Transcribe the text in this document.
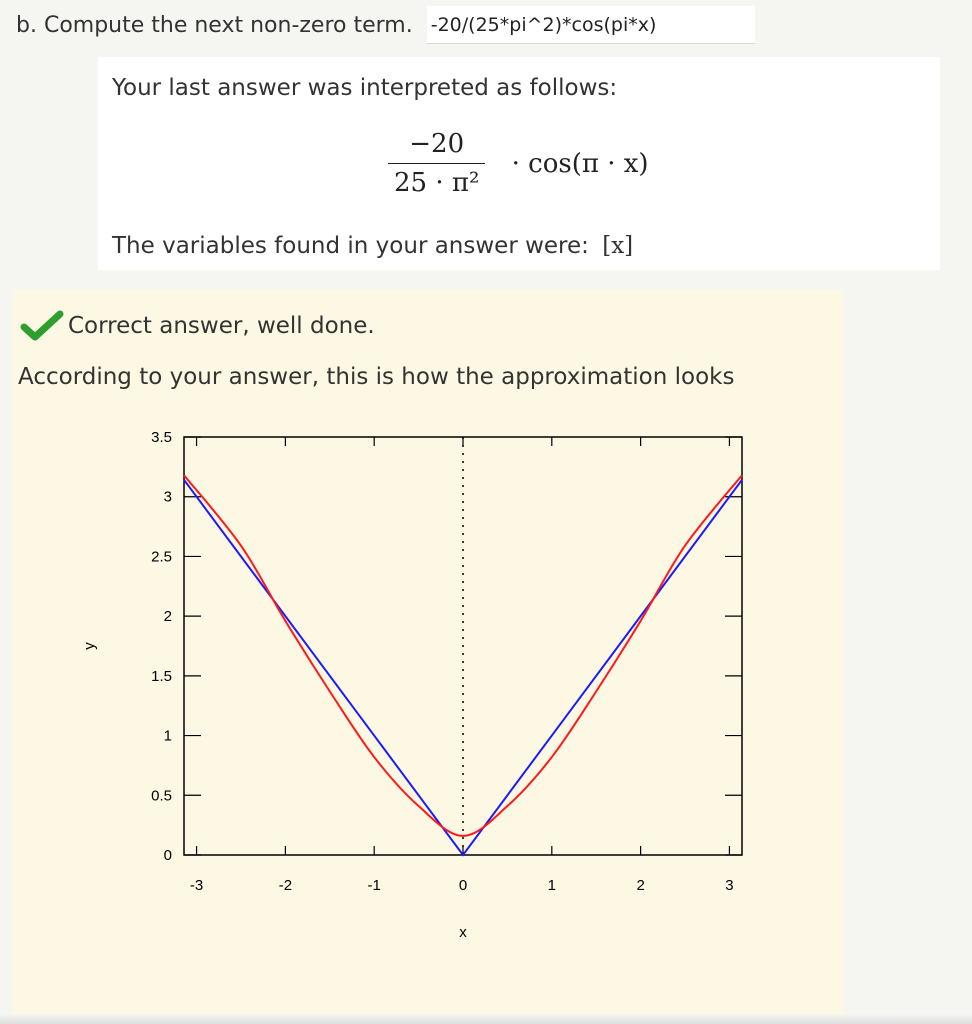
b. Compute the next non-zero term. -20/(25*pi^2)*cos(pi*x)
Your last answer was interpreted as follows:
$\frac{-20}{\text{25 · π²}} \cdot \cos(\pi \cdot x)$
The variables found in your answer were: [x]
Correct answer, well done.
According to your answer, this is how the approximation looks
-3	-2	-1	0	1	2	3
0
0.5
1
1.5
2
2.5
3
3.5
x
y
